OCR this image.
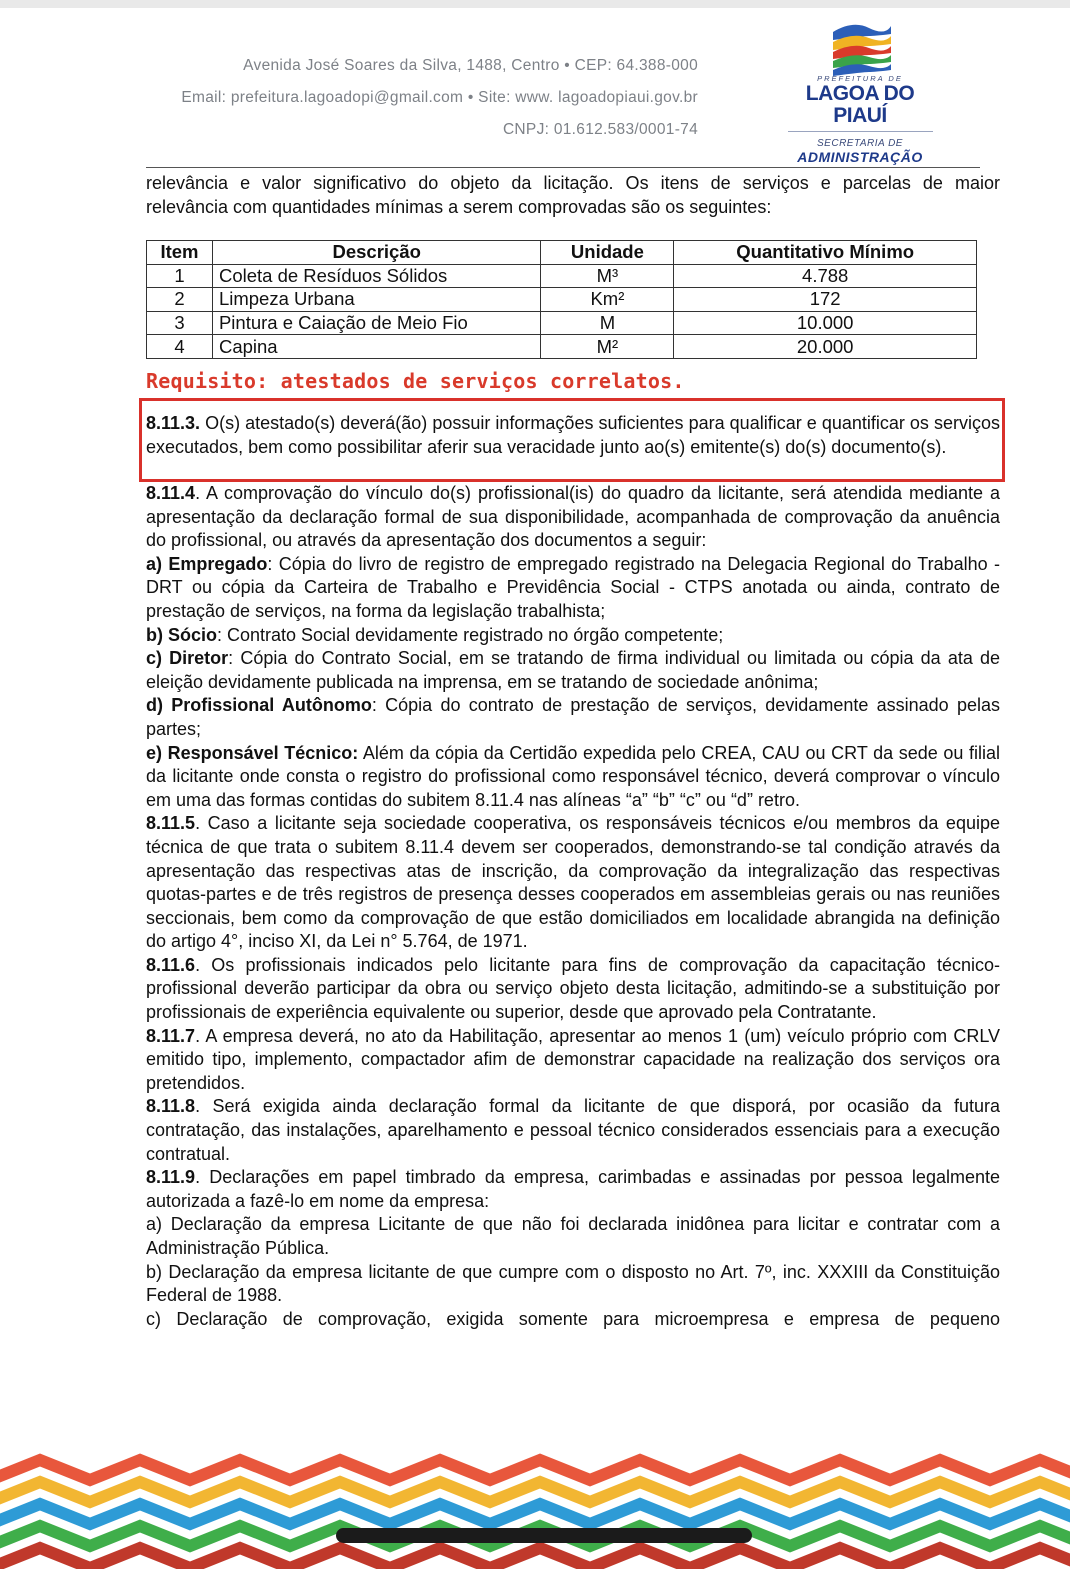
Avenida José Soares da Silva, 1488, Centro • CEP: 64.388-000
Email: prefeitura.lagoadopi@gmail.com • Site: www. lagoadopiaui.gov.br
CNPJ: 01.612.583/0001-74
PREFEITURA DE
LAGOA DO PIAUÍ
SECRETARIA DE
ADMINISTRAÇÃO

relevância e valor significativo do objeto da licitação. Os itens de serviços e parcelas de maior

relevância com quantidades mínimas a serem comprovadas são os seguintes:

Item	Descrição	Unidade	Quantitativo Mínimo
1	Coleta de Resíduos Sólidos	M³	4.788
2	Limpeza Urbana	Km²	172
3	Pintura e Caiação de Meio Fio	M	10.000
4	Capina	M²	20.000
Requisito: atestados de serviços correlatos.

8.11.3. O(s) atestado(s) deverá(ão) possuir informações suficientes para qualificar e quantificar os serviços executados, bem como possibilitar aferir sua veracidade junto ao(s) emitente(s) do(s) documento(s).

8.11.4. A comprovação do vínculo do(s) profissional(is) do quadro da licitante, será atendida mediante a apresentação da declaração formal de sua disponibilidade, acompanhada de comprovação da anuência do profissional, ou através da apresentação dos documentos a seguir:

a) Empregado: Cópia do livro de registro de empregado registrado na Delegacia Regional do Trabalho - DRT ou cópia da Carteira de Trabalho e Previdência Social - CTPS anotada ou ainda, contrato de prestação de serviços, na forma da legislação trabalhista;

b) Sócio: Contrato Social devidamente registrado no órgão competente;

c) Diretor: Cópia do Contrato Social, em se tratando de firma individual ou limitada ou cópia da ata de eleição devidamente publicada na imprensa, em se tratando de sociedade anônima;

d) Profissional Autônomo: Cópia do contrato de prestação de serviços, devidamente assinado pelas partes;

e) Responsável Técnico: Além da cópia da Certidão expedida pelo CREA, CAU ou CRT da sede ou filial da licitante onde consta o registro do profissional como responsável técnico, deverá comprovar o vínculo em uma das formas contidas do subitem 8.11.4 nas alíneas “a” “b” “c” ou “d” retro.

8.11.5. Caso a licitante seja sociedade cooperativa, os responsáveis técnicos e/ou membros da equipe técnica de que trata o subitem 8.11.4 devem ser cooperados, demonstrando-se tal condição através da apresentação das respectivas atas de inscrição, da comprovação da integralização das respectivas quotas-partes e de três registros de presença desses cooperados em assembleias gerais ou nas reuniões seccionais, bem como da comprovação de que estão domiciliados em localidade abrangida na definição do artigo 4°, inciso XI, da Lei n° 5.764, de 1971.

8.11.6. Os profissionais indicados pelo licitante para fins de comprovação da capacitação técnico-profissional deverão participar da obra ou serviço objeto desta licitação, admitindo-se a substituição por profissionais de experiência equivalente ou superior, desde que aprovado pela Contratante.

8.11.7. A empresa deverá, no ato da Habilitação, apresentar ao menos 1 (um) veículo próprio com CRLV emitido tipo, implemento, compactador afim de demonstrar capacidade na realização dos serviços ora pretendidos.

8.11.8. Será exigida ainda declaração formal da licitante de que disporá, por ocasião da futura contratação, das instalações, aparelhamento e pessoal técnico considerados essenciais para a execução contratual.

8.11.9. Declarações em papel timbrado da empresa, carimbadas e assinadas por pessoa legalmente autorizada a fazê-lo em nome da empresa:

a) Declaração da empresa Licitante de que não foi declarada inidônea para licitar e contratar com a Administração Pública.

b) Declaração da empresa licitante de que cumpre com o disposto no Art. 7º, inc. XXXIII da Constituição Federal de 1988.

c) Declaração de comprovação, exigida somente para microempresa e empresa de pequeno
